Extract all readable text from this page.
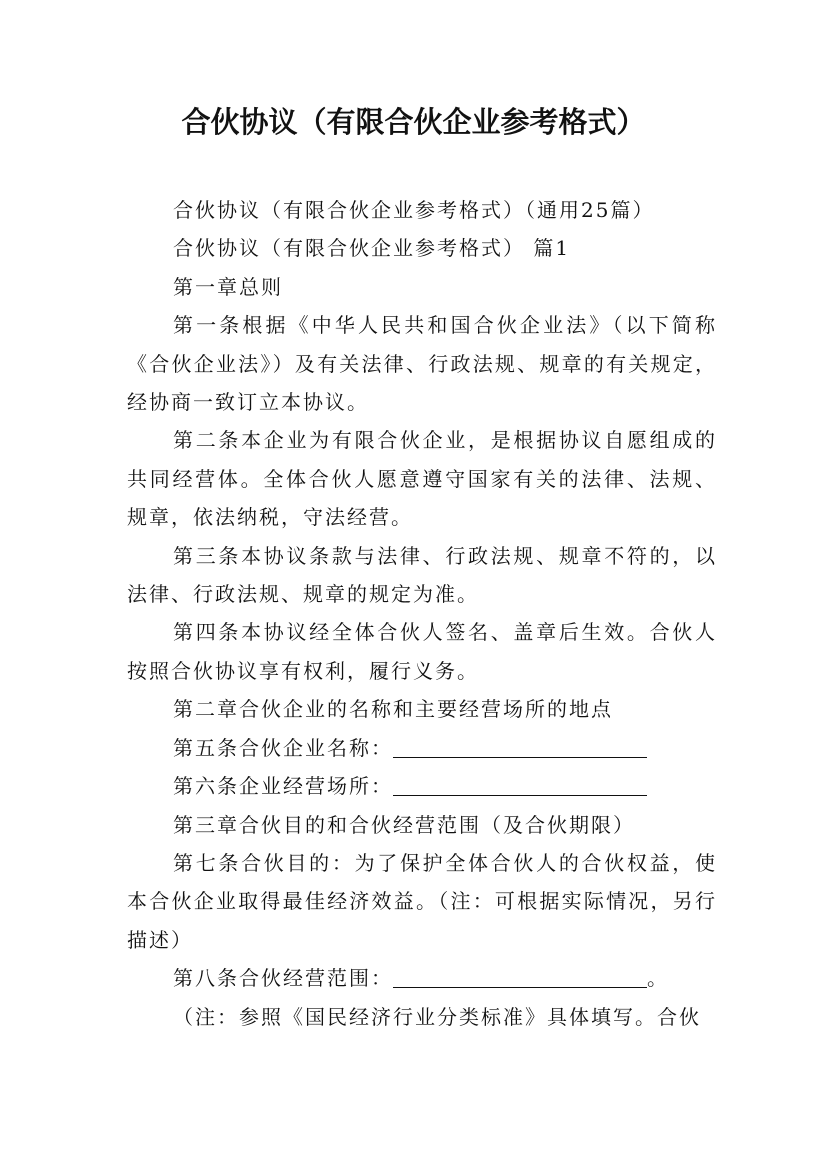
合伙协议（有限合伙企业参考格式）

合伙协议（有限合伙企业参考格式）（通用25篇）

合伙协议（有限合伙企业参考格式） 篇1

第一章总则

第一条根据《中华人民共和国合伙企业法》（以下简称《合伙企业法》）及有关法律、行政法规、规章的有关规定，经协商一致订立本协议。

第二条本企业为有限合伙企业，是根据协议自愿组成的共同经营体。全体合伙人愿意遵守国家有关的法律、法规、规章，依法纳税，守法经营。

第三条本协议条款与法律、行政法规、规章不符的，以法律、行政法规、规章的规定为准。

第四条本协议经全体合伙人签名、盖章后生效。合伙人按照合伙协议享有权利，履行义务。

第二章合伙企业的名称和主要经营场所的地点

第五条合伙企业名称：

第六条企业经营场所：

第三章合伙目的和合伙经营范围（及合伙期限）

第七条合伙目的：为了保护全体合伙人的合伙权益，使本合伙企业取得最佳经济效益。（注：可根据实际情况，另行描述）

第八条合伙经营范围：	。

（注：参照《国民经济行业分类标准》具体填写。合伙
